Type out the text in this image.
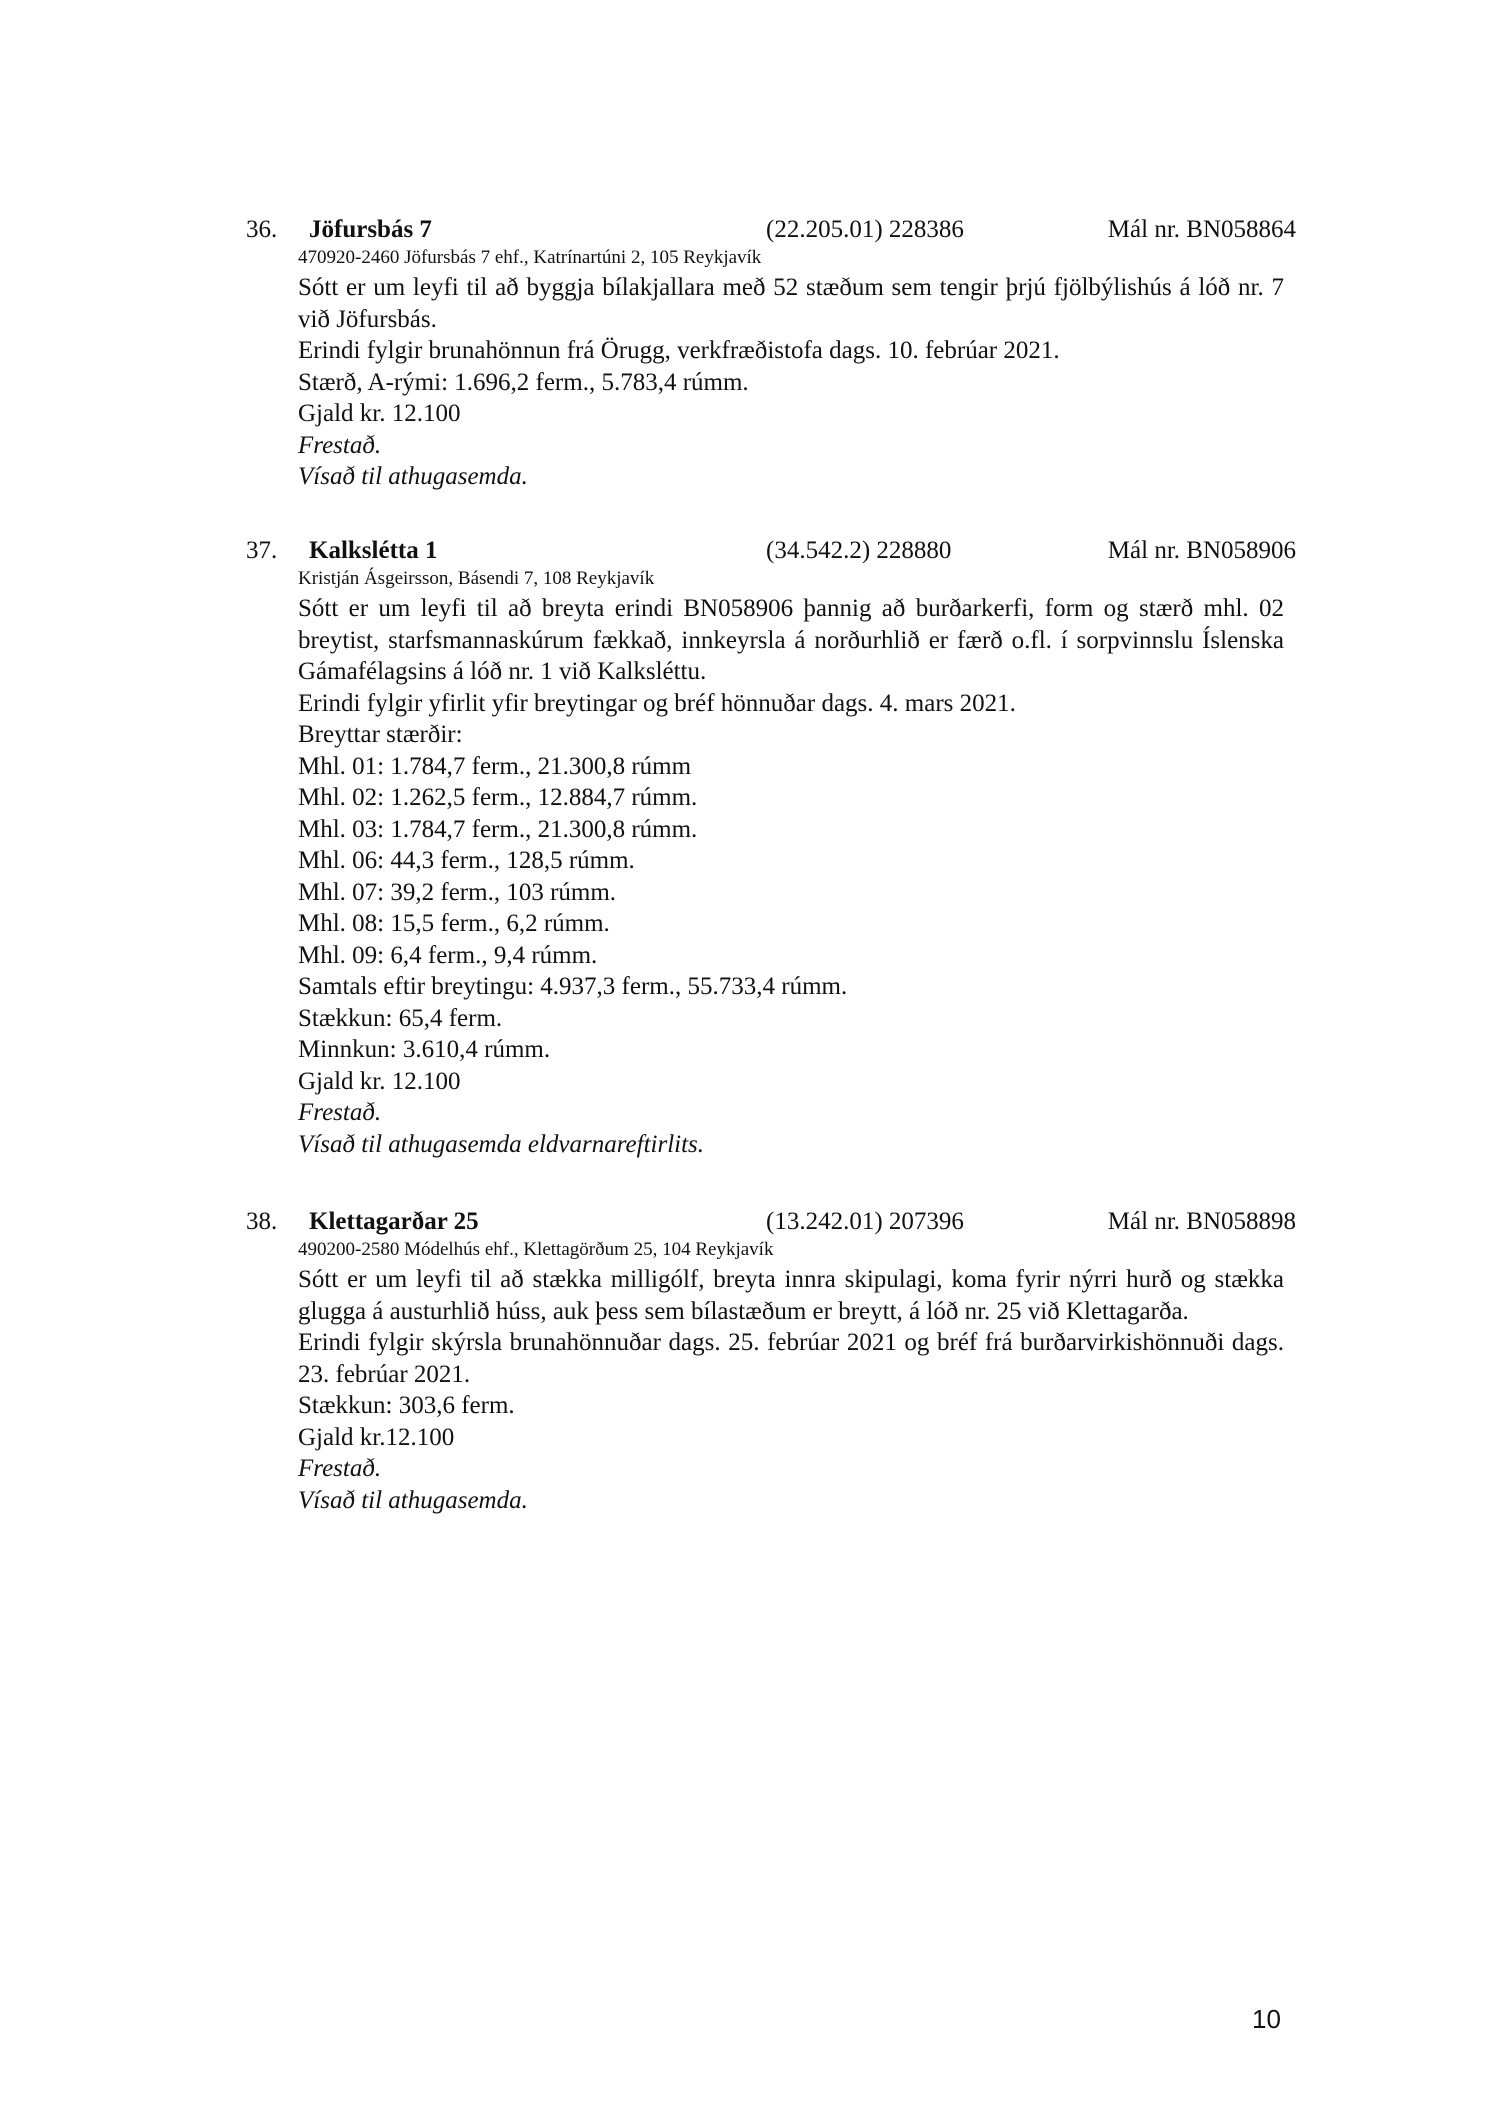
36. Jöfursbás 7	(22.205.01) 228386	Mál nr. BN058864
470920-2460 Jöfursbás 7 ehf., Katrínartúni 2, 105 Reykjavík
Sótt er um leyfi til að byggja bílakjallara með 52 stæðum sem tengir þrjú fjölbýlishús á lóð nr. 7 við Jöfursbás.
Erindi fylgir brunahönnun frá Örugg, verkfræðistofa dags. 10. febrúar 2021.
Stærð, A-rými: 1.696,2 ferm., 5.783,4 rúmm.
Gjald kr. 12.100
Frestað.
Vísað til athugasemda.
37. Kalkslétta 1	(34.542.2) 228880	Mál nr. BN058906
Kristján Ásgeirsson, Básendi 7, 108 Reykjavík
Sótt er um leyfi til að breyta erindi BN058906 þannig að burðarkerfi, form og stærð mhl. 02 breytist, starfsmannaskúrum fækkað, innkeyrsla á norðurhlið er færð o.fl. í sorpvinnslu Íslenska Gámafélagsins á lóð nr. 1 við Kalksléttu.
Erindi fylgir yfirlit yfir breytingar og bréf hönnuðar dags. 4. mars 2021.
Breyttar stærðir:
Mhl. 01: 1.784,7 ferm., 21.300,8 rúmm
Mhl. 02: 1.262,5 ferm., 12.884,7 rúmm.
Mhl. 03: 1.784,7 ferm., 21.300,8 rúmm.
Mhl. 06: 44,3 ferm., 128,5 rúmm.
Mhl. 07: 39,2 ferm., 103 rúmm.
Mhl. 08: 15,5 ferm., 6,2 rúmm.
Mhl. 09: 6,4 ferm., 9,4 rúmm.
Samtals eftir breytingu: 4.937,3 ferm., 55.733,4 rúmm.
Stækkun: 65,4 ferm.
Minnkun: 3.610,4 rúmm.
Gjald kr. 12.100
Frestað.
Vísað til athugasemda eldvarnareftirlits.
38. Klettagarðar 25	(13.242.01) 207396	Mál nr. BN058898
490200-2580 Módelhús ehf., Klettagörðum 25, 104 Reykjavík
Sótt er um leyfi til að stækka milligólf, breyta innra skipulagi, koma fyrir nýrri hurð og stækka glugga á austurhlið húss, auk þess sem bílastæðum er breytt, á lóð nr. 25 við Klettagarða.
Erindi fylgir skýrsla brunahönnuðar dags. 25. febrúar 2021 og bréf frá burðarvirkishönnuði dags. 23. febrúar 2021.
Stækkun: 303,6 ferm.
Gjald kr.12.100
Frestað.
Vísað til athugasemda.
10
